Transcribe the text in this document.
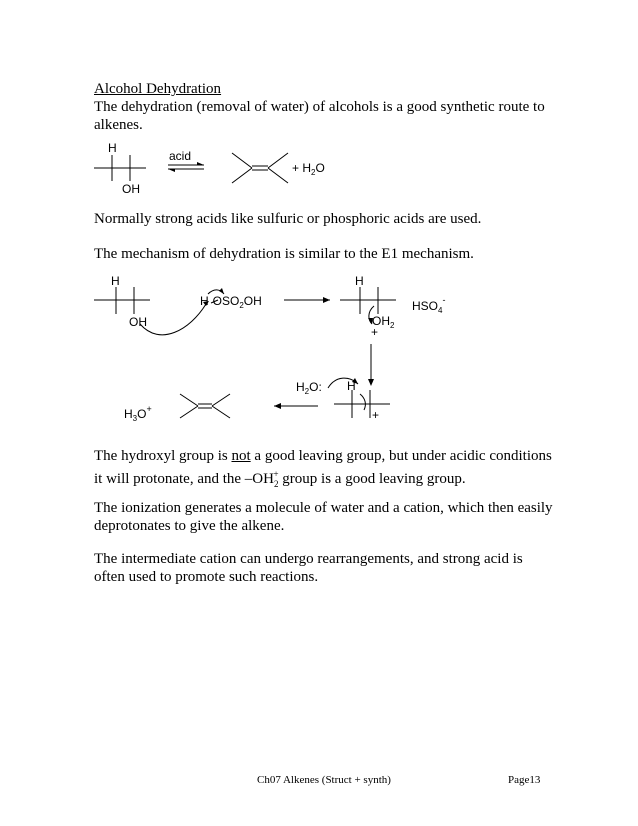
Alcohol Dehydration
The dehydration (removal of water) of alcohols is a good synthetic route to alkenes.

H
OH
acid
+ $H_2O$

Normally strong acids like sulfuric or phosphoric acids are used.

The mechanism of dehydration is similar to the E1 mechanism.

H
OH
H $OSO_2OH$
H
$OH_2$
+
$HSO_4^-$
$H_2O$: H
+
$H_3O^+$

The hydroxyl group is not a good leaving group, but under acidic conditions it will protonate, and the $-OH_2^+$ group is a good leaving group.

The ionization generates a molecule of water and a cation, which then easily deprotonates to give the alkene.

The intermediate cation can undergo rearrangements, and strong acid is often used to promote such reactions.

Ch07 Alkenes (Struct + synth)	Page13
